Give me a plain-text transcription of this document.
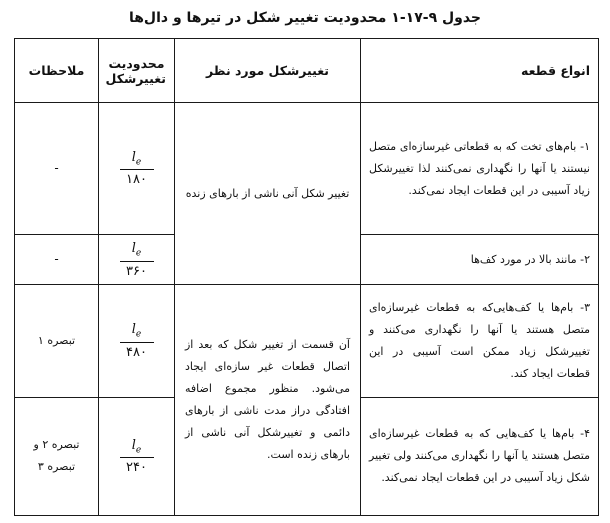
جدول ۹-۱۷-۱ محدودیت تغییر شکل در تیرها و دال‌ها
انواع قطعه	تغییرشکل مورد نظر	محدودیت تغییرشکل	ملاحظات
۱- بام‌های تخت که به قطعاتی غیرسازه‌ای متصل نیستند یا آنها را نگهداری نمی‌کنند لذا تغییرشکل زیاد آسیبی در این قطعات ایجاد نمی‌کند.	تغییر شکل آنی ناشی از بارهای زنده	$\frac{l_e}{۱۸۰}$	-
۲- مانند بالا در مورد کف‌ها		$\frac{l_e}{۳۶۰}$	-
۳- بام‌ها یا کف‌هایی‌که به قطعات غیرسازه‌ای متصل هستند یا آنها را نگهداری می‌کنند و تغییرشکل زیاد ممکن است آسیبی در این قطعات ایجاد کند.	آن قسمت از تغییر شکل که بعد از اتصال قطعات غیر سازه‌ای ایجاد می‌شود. منظور مجموع اضافه افتادگی دراز مدت ناشی از بارهای دائمی و تغییرشکل آنی ناشی از بارهای زنده است.	$\frac{l_e}{۴۸۰}$	تبصره ۱
۴- بام‌ها یا کف‌هایی که به قطعات غیرسازه‌ای متصل هستند یا آنها را نگهداری می‌کنند ولی تغییر شکل زیاد آسیبی در این قطعات ایجاد نمی‌کند.		$\frac{l_e}{۲۴۰}$	تبصره ۲ و تبصره ۳
